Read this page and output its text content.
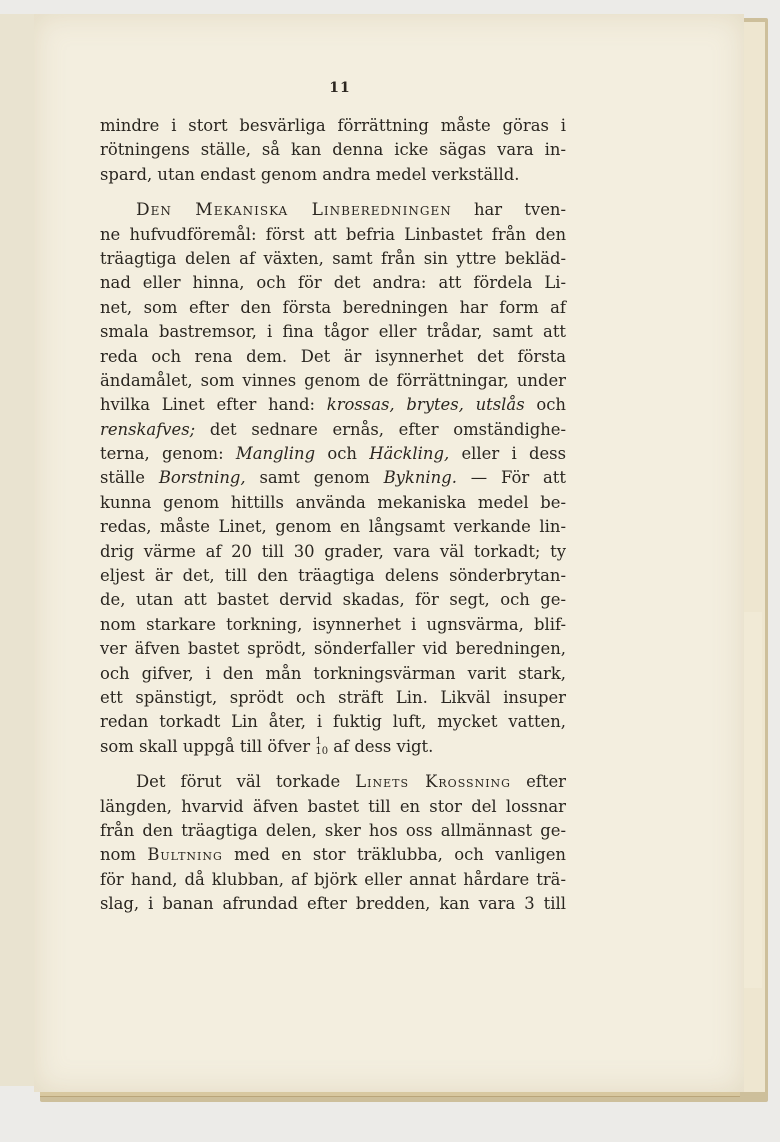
11
mindre i stort besvärliga förrättning måste göras i
rötningens ställe, så kan denna icke sägas vara in-
spard, utan endast genom andra medel verkställd.
Den Mekaniska Linberedningen har tven-
ne hufvudföremål: först att befria Linbastet från den
träagtiga delen af växten, samt från sin yttre bekläd-
nad eller hinna, och för det andra: att fördela Li-
net, som efter den första beredningen har form af
smala bastremsor, i fina tågor eller trådar, samt att
reda och rena dem. Det är isynnerhet det första
ändamålet, som vinnes genom de förrättningar, under
hvilka Linet efter hand: krossas, brytes, utslås och
renskafves; det sednare ernås, efter omständighe-
terna, genom: Mangling och Häckling, eller i dess
ställe Borstning, samt genom Bykning. — För att
kunna genom hittills använda mekaniska medel be-
redas, måste Linet, genom en långsamt verkande lin-
drig värme af 20 till 30 grader, vara väl torkadt; ty
eljest är det, till den träagtiga delens sönderbrytan-
de, utan att bastet dervid skadas, för segt, och ge-
nom starkare torkning, isynnerhet i ugnsvärma, blif-
ver äfven bastet sprödt, sönderfaller vid beredningen,
och gifver, i den mån torkningsvärman varit stark,
ett spänstigt, sprödt och sträft Lin. Likväl insuper
redan torkadt Lin åter, i fuktig luft, mycket vatten,
som skall uppgå till öfver 1
10 af dess vigt.
Det förut väl torkade Linets Krossning efter
längden, hvarvid äfven bastet till en stor del lossnar
från den träagtiga delen, sker hos oss allmännast ge-
nom Bultning med en stor träklubba, och vanligen
för hand, då klubban, af björk eller annat hårdare trä-
slag, i banan afrundad efter bredden, kan vara 3 till
